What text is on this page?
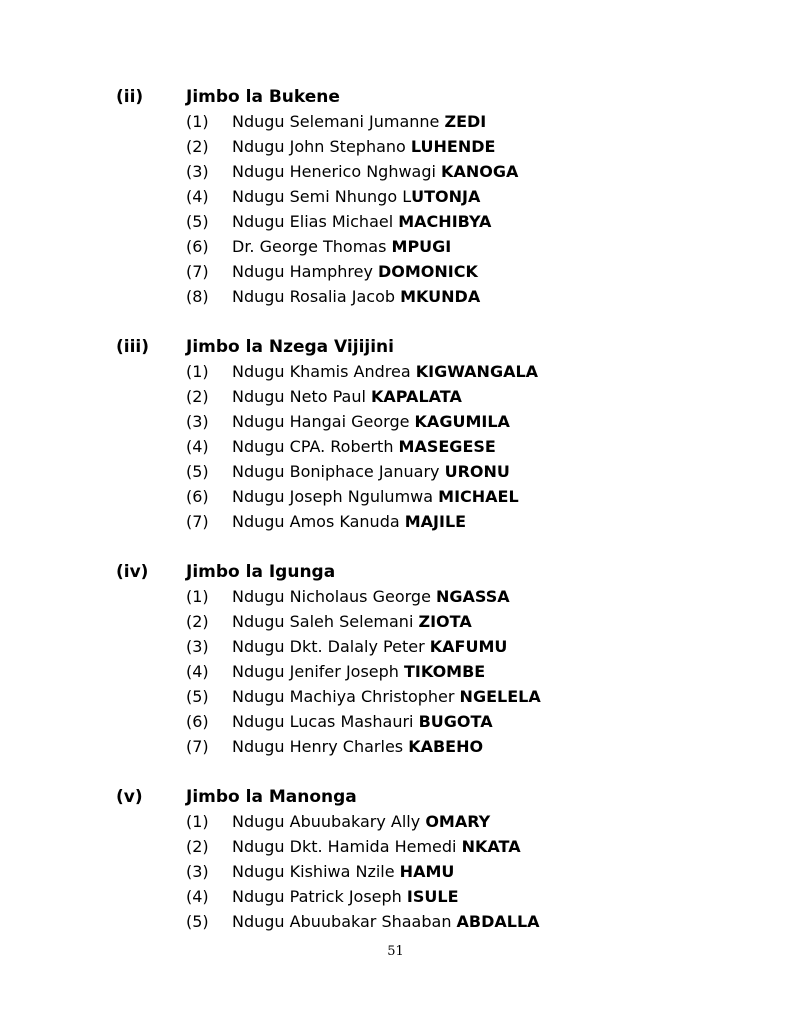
(ii)	Jimbo la Bukene
(1)	Ndugu Selemani Jumanne ZEDI
(2)	Ndugu John Stephano LUHENDE
(3)	Ndugu Henerico Nghwagi KANOGA
(4)	Ndugu Semi Nhungo LUTONJA
(5)	Ndugu Elias Michael MACHIBYA
(6)	Dr. George Thomas MPUGI
(7)	Ndugu Hamphrey DOMONICK
(8)	Ndugu Rosalia Jacob MKUNDA
(iii)	Jimbo la Nzega Vijijini
(1)	Ndugu Khamis Andrea KIGWANGALA
(2)	Ndugu Neto Paul KAPALATA
(3)	Ndugu Hangai George KAGUMILA
(4)	Ndugu CPA. Roberth MASEGESE
(5)	Ndugu Boniphace January URONU
(6)	Ndugu Joseph Ngulumwa MICHAEL
(7)	Ndugu Amos Kanuda MAJILE
(iv)	Jimbo la Igunga
(1)	Ndugu Nicholaus George NGASSA
(2)	Ndugu Saleh Selemani ZIOTA
(3)	Ndugu Dkt. Dalaly Peter KAFUMU
(4)	Ndugu Jenifer Joseph TIKOMBE
(5)	Ndugu Machiya Christopher NGELELA
(6)	Ndugu Lucas Mashauri BUGOTA
(7)	Ndugu Henry Charles KABEHO
(v)	Jimbo la Manonga
(1)	Ndugu Abuubakary Ally OMARY
(2)	Ndugu Dkt. Hamida Hemedi NKATA
(3)	Ndugu Kishiwa Nzile HAMU
(4)	Ndugu Patrick Joseph ISULE
(5)	Ndugu Abuubakar Shaaban ABDALLA
51
